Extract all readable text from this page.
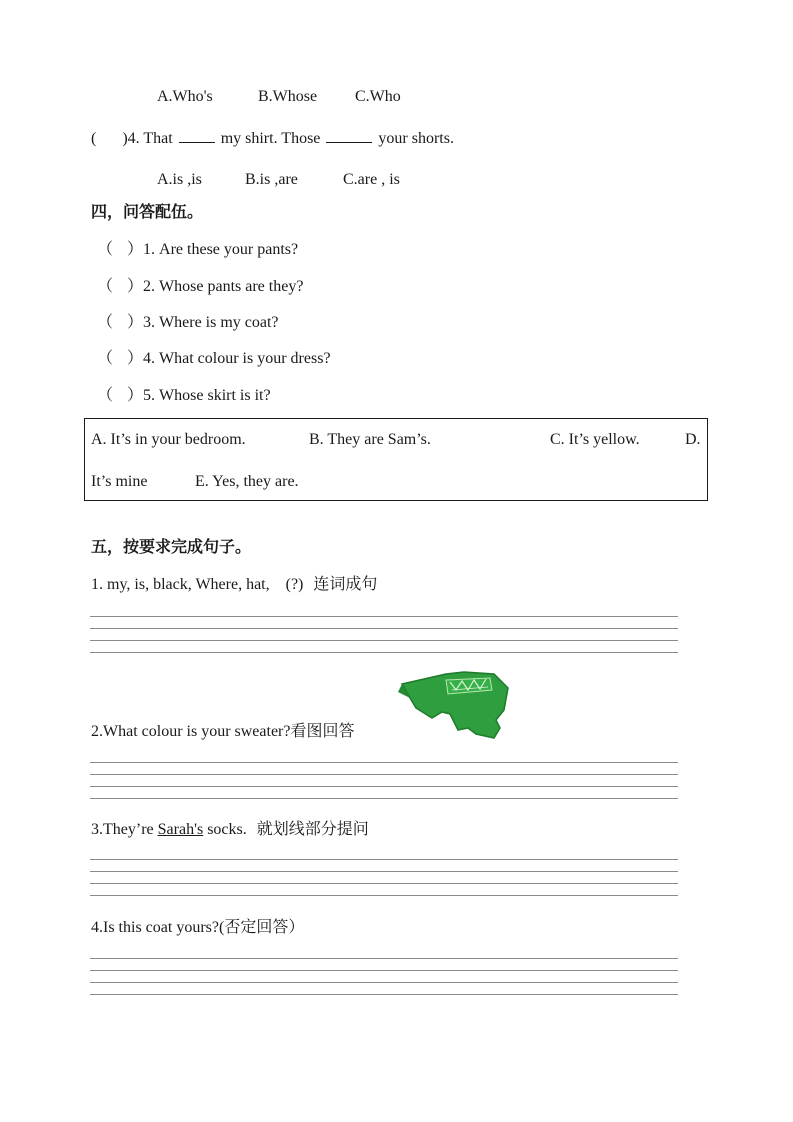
A.Who's	B.Whose C.Who
( )4. That	my shirt. Those	your shorts.
A.is ,is	B.is ,are	C.are , is
四，问答配伍。
（ ）1. Are these your pants?
（ ）2. Whose pants are they?
（ ）3. Where is my coat?
（ ）4. What colour is your dress?
（ ）5. Whose skirt is it?
A. It’s in your bedroom.	B. They are Sam’s.	C. It’s yellow.	D.
It’s mine	E. Yes, they are.
五，按要求完成句子。
1. my, is, black, Where, hat, (?) 连词成句
2.What colour is your sweater?看图回答
3.They’re Sarah's socks. 就划线部分提问
4.Is this coat yours?(否定回答）
